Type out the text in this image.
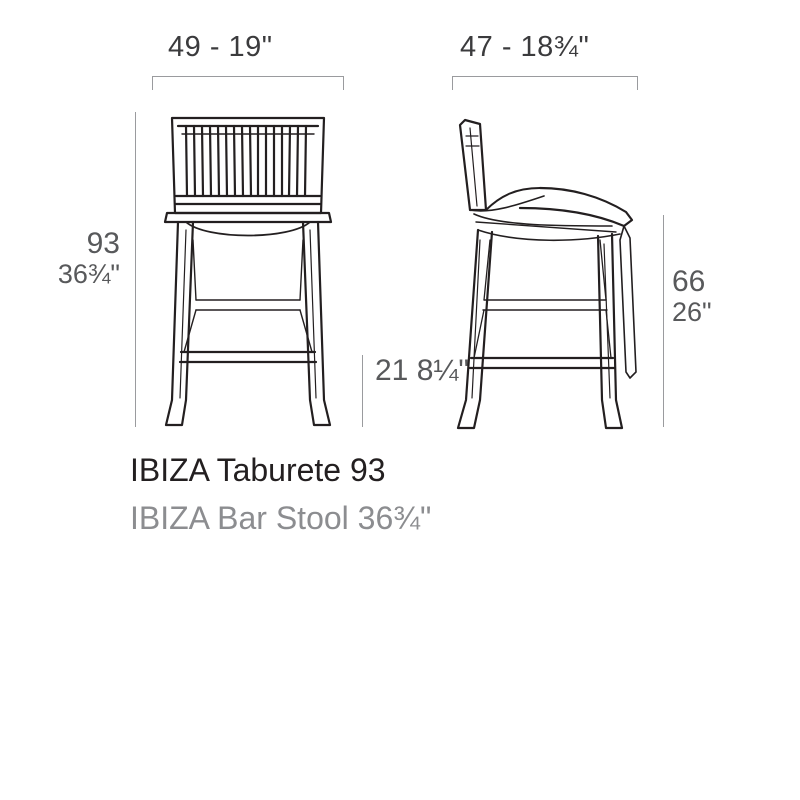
49 - 19"	47 - 18¾"
93
36¾"
21 8¼"
66
26"
IBIZA Taburete 93
IBIZA Bar Stool 36¾"
